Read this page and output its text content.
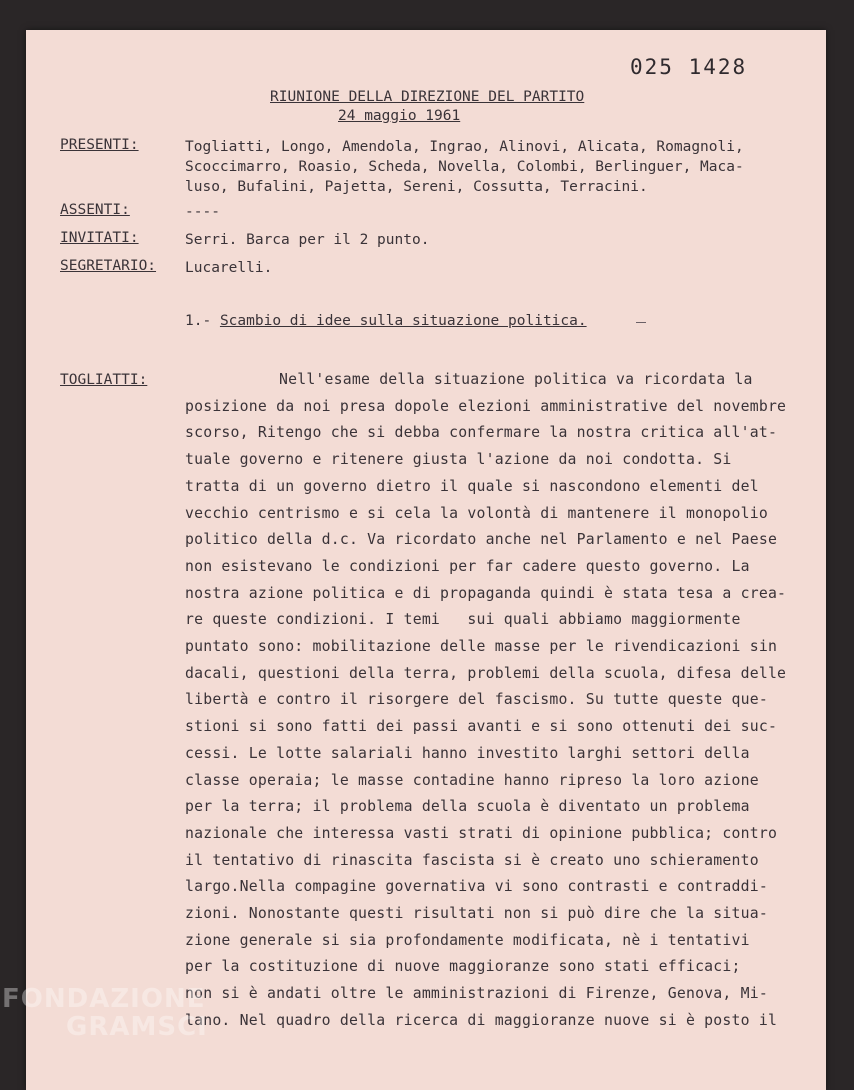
025 1428
RIUNIONE DELLA DIREZIONE DEL PARTITO
24 maggio 1961
PRESENTI:	Togliatti, Longo, Amendola, Ingrao, Alinovi, Alicata, Romagnoli,
Scoccimarro, Roasio, Scheda, Novella, Colombi, Berlinguer, Maca-
luso, Bufalini, Pajetta, Sereni, Cossutta, Terracini.
ASSENTI:	----
INVITATI:	Serri. Barca per il 2 punto.
SEGRETARIO: Lucarelli.
1.- Scambio di idee sulla situazione politica.
TOGLIATTI:	Nell'esame della situazione politica va ricordata la
posizione da noi presa dopole elezioni amministrative del novembre
scorso, Ritengo che si debba confermare la nostra critica all'at-
tuale governo e ritenere giusta l'azione da noi condotta. Si
tratta di un governo dietro il quale si nascondono elementi del
vecchio centrismo e si cela la volontà di mantenere il monopolio
politico della d.c. Va ricordato anche nel Parlamento e nel Paese
non esistevano le condizioni per far cadere questo governo. La
nostra azione politica e di propaganda quindi è stata tesa a crea-
re queste condizioni. I temi   sui quali abbiamo maggiormente
puntato sono: mobilitazione delle masse per le rivendicazioni sin
dacali, questioni della terra, problemi della scuola, difesa delle
libertà e contro il risorgere del fascismo. Su tutte queste que-
stioni si sono fatti dei passi avanti e si sono ottenuti dei suc-
cessi. Le lotte salariali hanno investito larghi settori della
classe operaia; le masse contadine hanno ripreso la loro azione
per la terra; il problema della scuola è diventato un problema
nazionale che interessa vasti strati di opinione pubblica; contro
il tentativo di rinascita fascista si è creato uno schieramento
largo.Nella compagine governativa vi sono contrasti e contraddi-
zioni. Nonostante questi risultati non si può dire che la situa-
zione generale si sia profondamente modificata, nè i tentativi
per la costituzione di nuove maggioranze sono stati efficaci;
non si è andati oltre le amministrazioni di Firenze, Genova, Mi-
lano. Nel quadro della ricerca di maggioranze nuove si è posto il
FONDAZIONE
GRAMSCI
